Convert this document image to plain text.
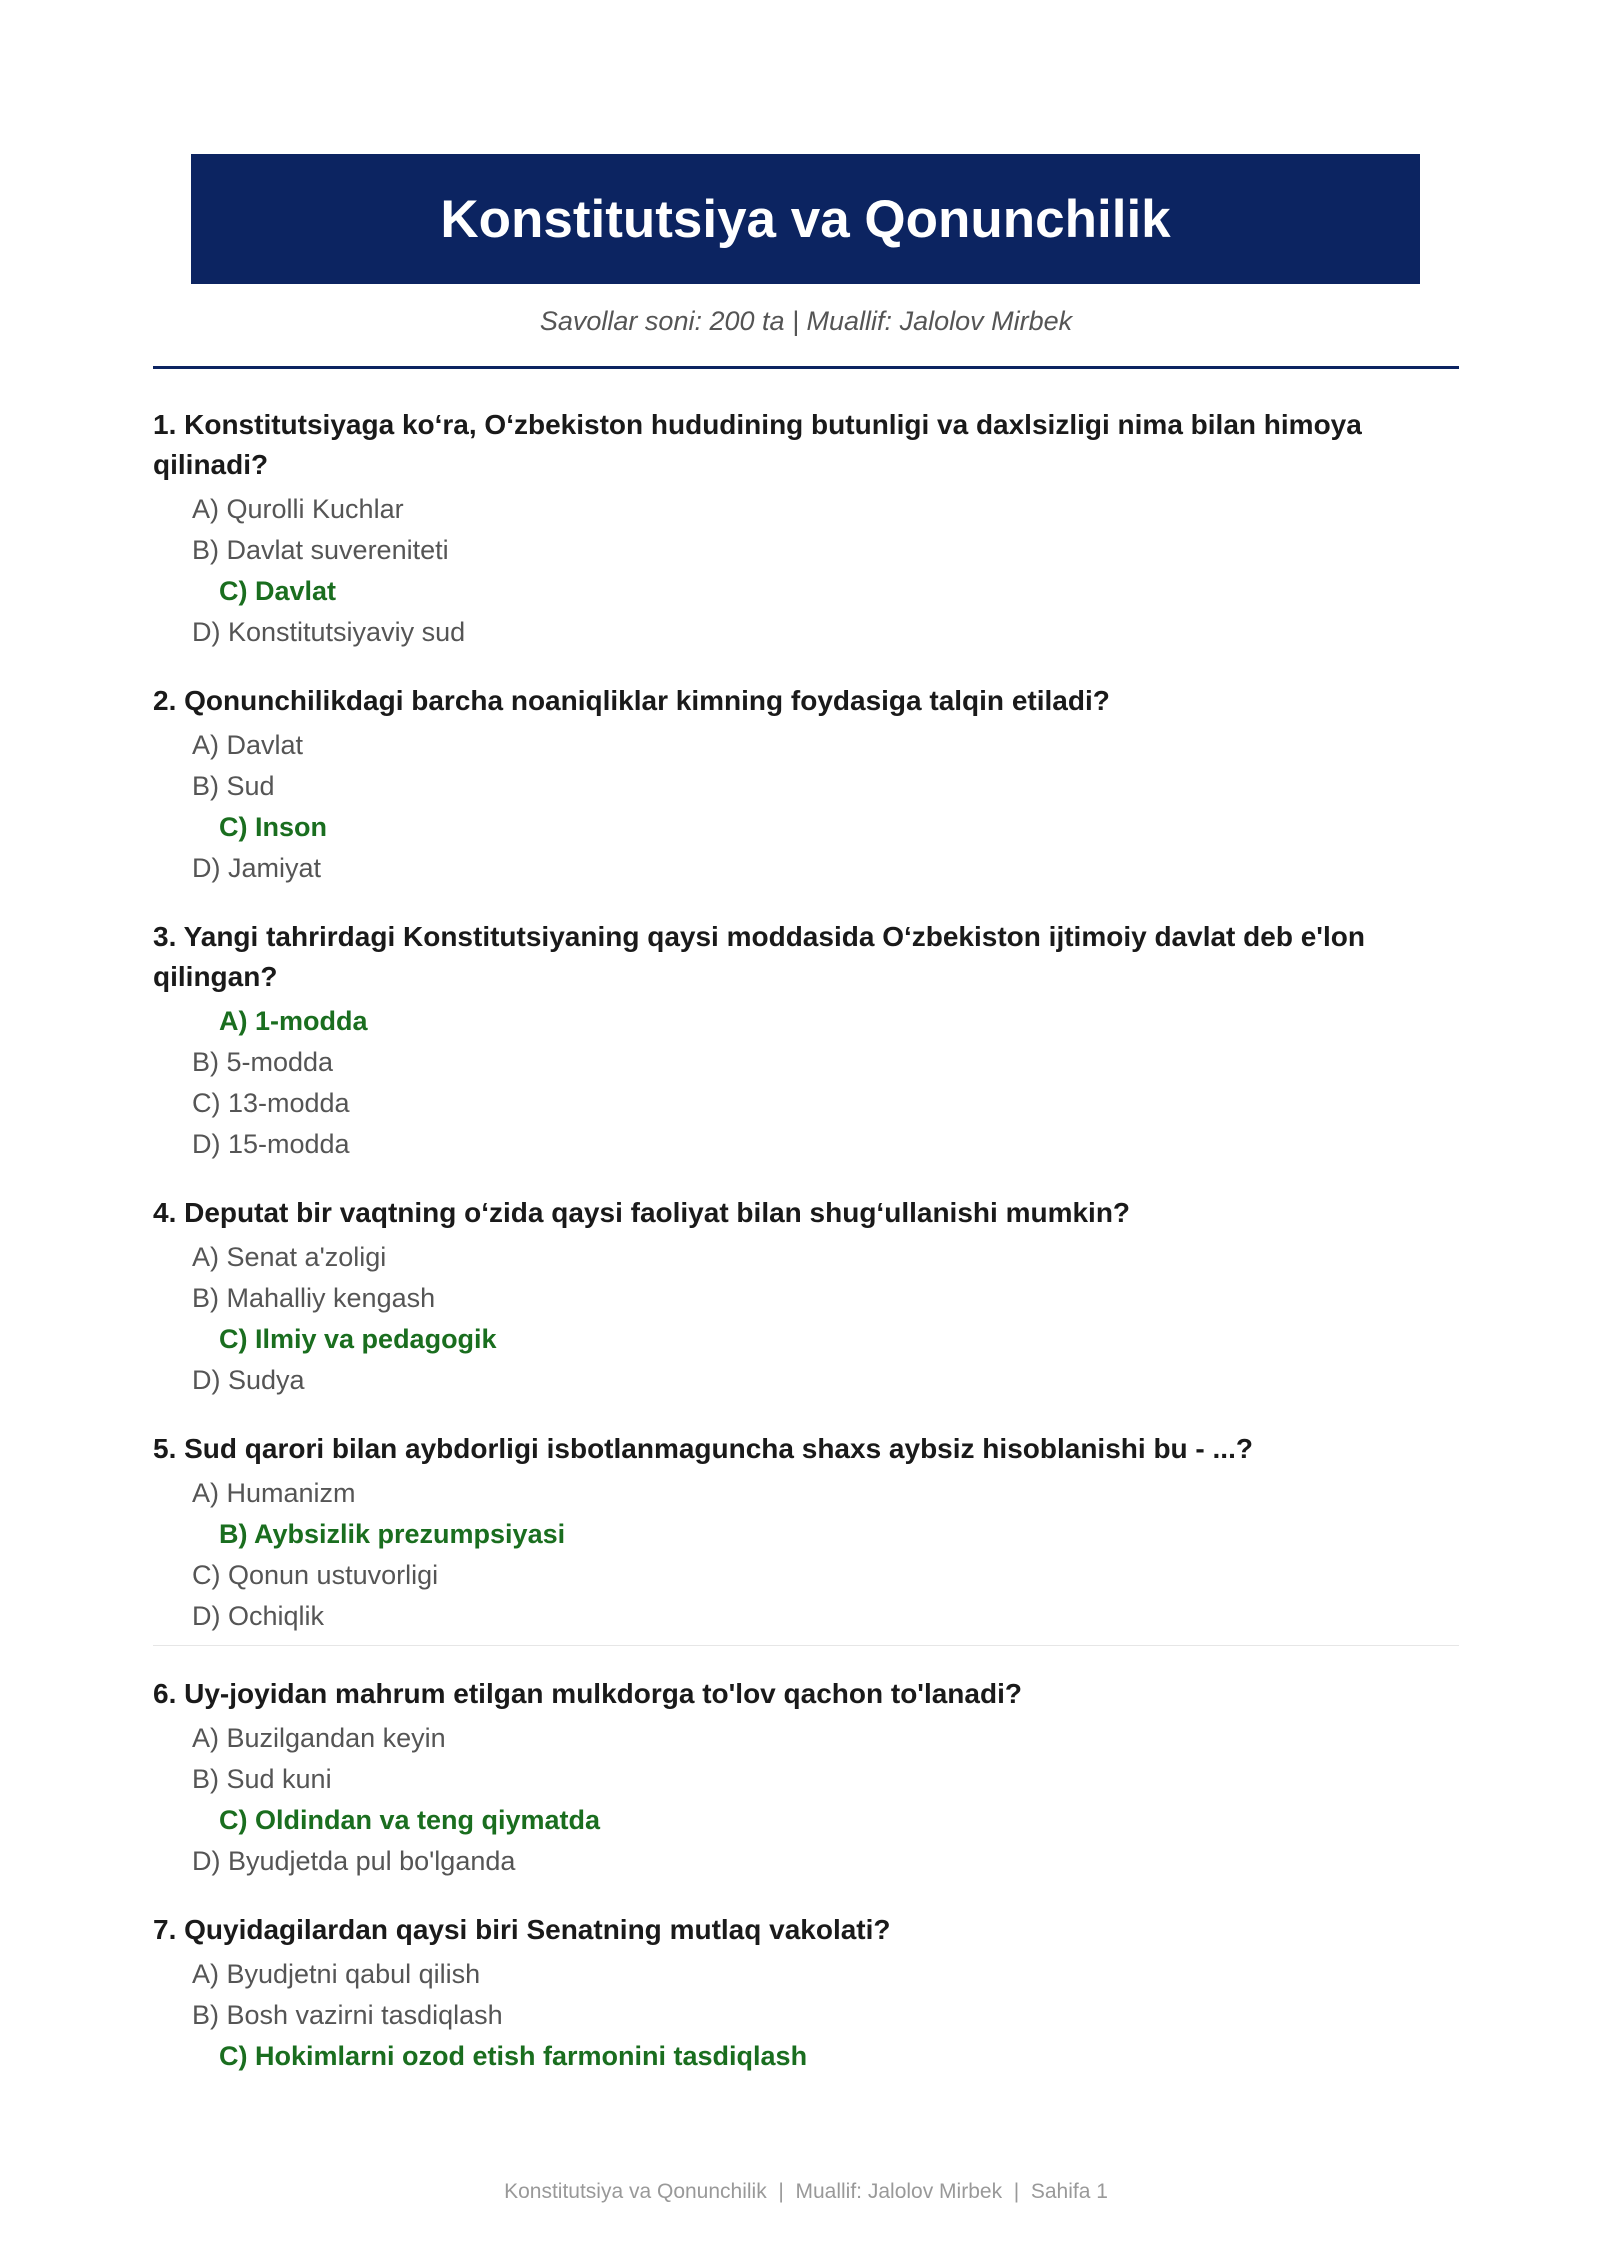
Konstitutsiya va Qonunchilik
Savollar soni: 200 ta | Muallif: Jalolov Mirbek

1. Konstitutsiyaga ko‘ra, O‘zbekiston hududining butunligi va daxlsizligi nima bilan himoya qilinadi?

A) Qurolli Kuchlar
B) Davlat suvereniteti
C) Davlat
D) Konstitutsiyaviy sud

2. Qonunchilikdagi barcha noaniqliklar kimning foydasiga talqin etiladi?

A) Davlat
B) Sud
C) Inson
D) Jamiyat

3. Yangi tahrirdagi Konstitutsiyaning qaysi moddasida O‘zbekiston ijtimoiy davlat deb e'lon qilingan?

A) 1-modda
B) 5-modda
C) 13-modda
D) 15-modda

4. Deputat bir vaqtning o‘zida qaysi faoliyat bilan shug‘ullanishi mumkin?

A) Senat a'zoligi
B) Mahalliy kengash
C) Ilmiy va pedagogik
D) Sudya

5. Sud qarori bilan aybdorligi isbotlanmaguncha shaxs aybsiz hisoblanishi bu - ...?

A) Humanizm
B) Aybsizlik prezumpsiyasi
C) Qonun ustuvorligi
D) Ochiqlik

6. Uy-joyidan mahrum etilgan mulkdorga to'lov qachon to'lanadi?

A) Buzilgandan keyin
B) Sud kuni
C) Oldindan va teng qiymatda
D) Byudjetda pul bo'lganda

7. Quyidagilardan qaysi biri Senatning mutlaq vakolati?

A) Byudjetni qabul qilish
B) Bosh vazirni tasdiqlash
C) Hokimlarni ozod etish farmonini tasdiqlash
Konstitutsiya va Qonunchilik  |  Muallif: Jalolov Mirbek  |  Sahifa 1
